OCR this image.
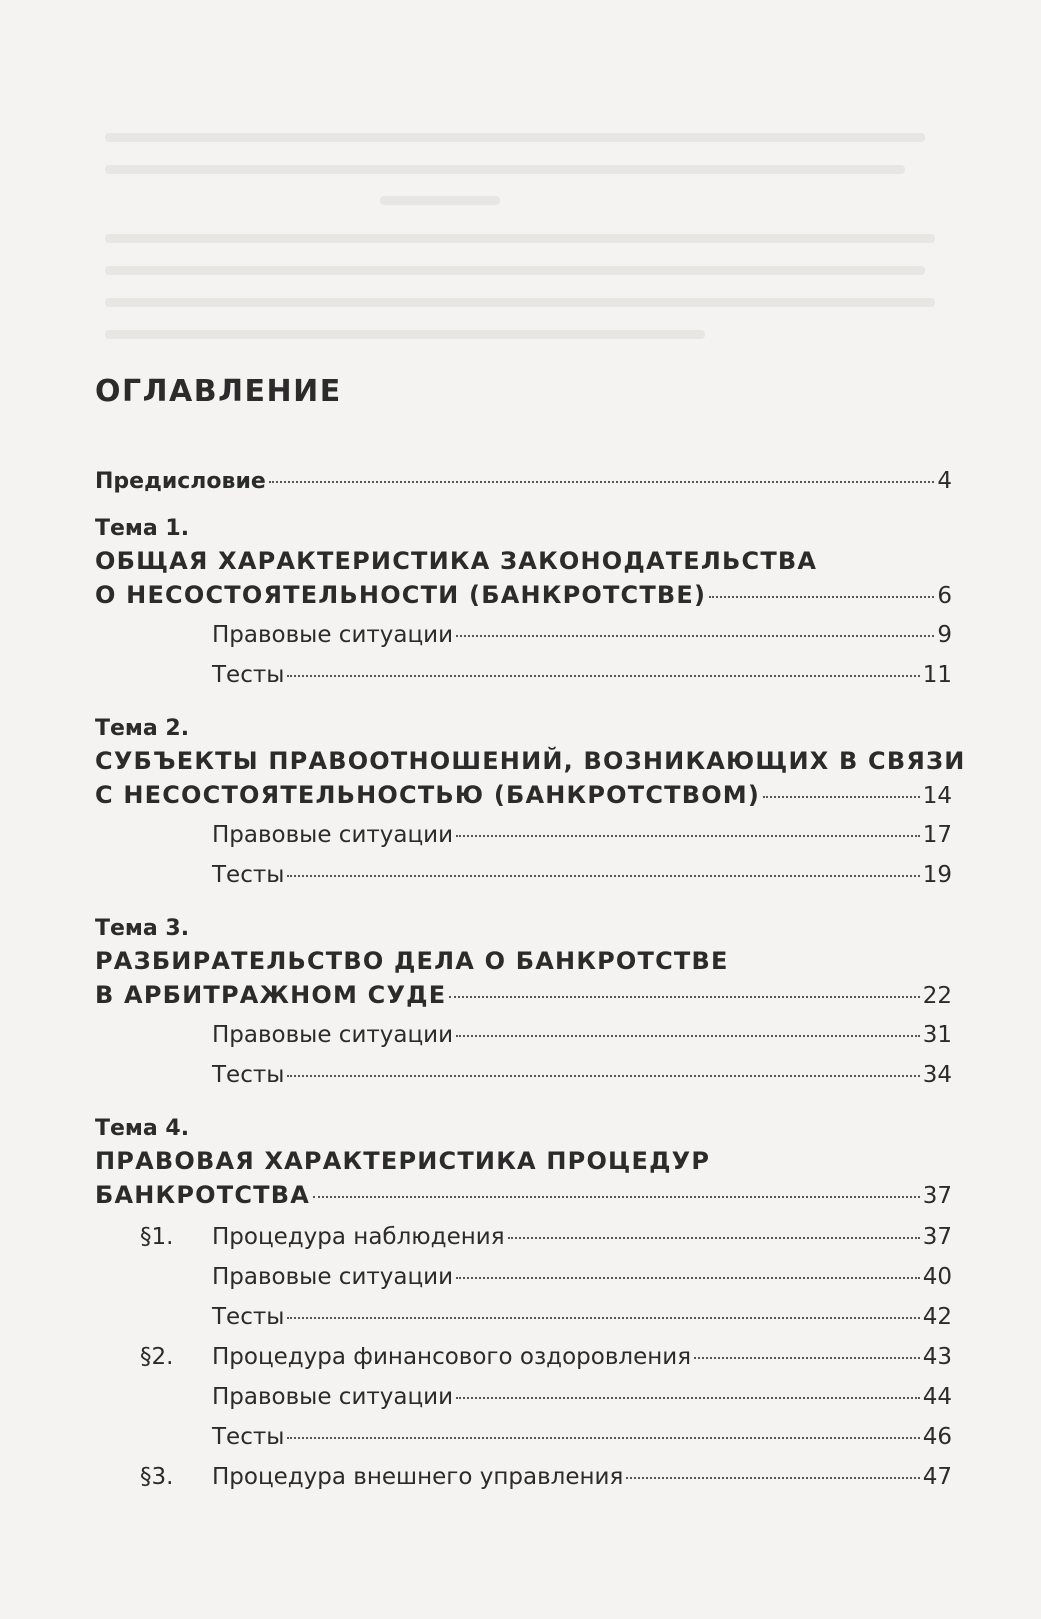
ОГЛАВЛЕНИЕ
Предисловие	4
Тема 1.
ОБЩАЯ ХАРАКТЕРИСТИКА ЗАКОНОДАТЕЛЬСТВА
О НЕСОСТОЯТЕЛЬНОСТИ (БАНКРОТСТВЕ)	6
Правовые ситуации	9
Тесты	11
Тема 2.
СУБЪЕКТЫ ПРАВООТНОШЕНИЙ, ВОЗНИКАЮЩИХ В СВЯЗИ
С НЕСОСТОЯТЕЛЬНОСТЬЮ (БАНКРОТСТВОМ)	14
Правовые ситуации	17
Тесты	19
Тема 3.
РАЗБИРАТЕЛЬСТВО ДЕЛА О БАНКРОТСТВЕ
В АРБИТРАЖНОМ СУДЕ	22
Правовые ситуации	31
Тесты	34
Тема 4.
ПРАВОВАЯ ХАРАКТЕРИСТИКА ПРОЦЕДУР
БАНКРОТСТВА	37
§1. Процедура наблюдения	37
Правовые ситуации	40
Тесты	42
§2. Процедура финансового оздоровления	43
Правовые ситуации	44
Тесты	46
§3. Процедура внешнего управления	47
